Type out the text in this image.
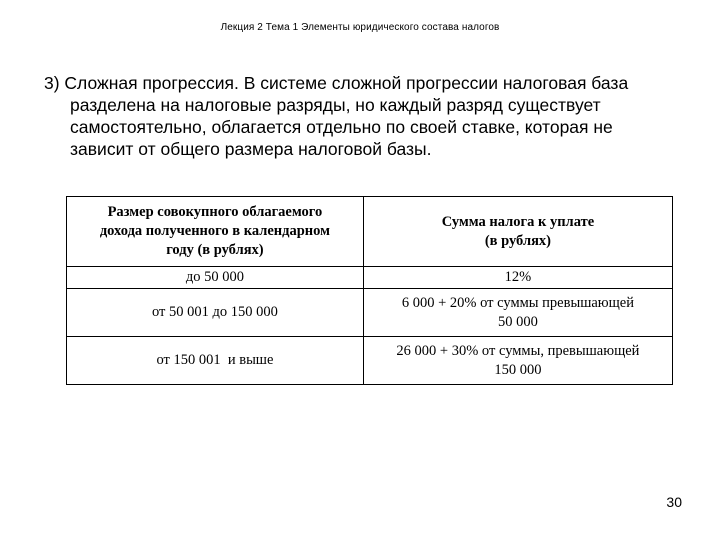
Лекция 2 Тема 1 Элементы юридического состава налогов
3) Сложная прогрессия. В системе сложной прогрессии налоговая база
разделена на налоговые разряды, но каждый разряд существует
самостоятельно, облагается отдельно по своей ставке, которая не
зависит от общего размера налоговой базы.
Размер совокупного облагаемого
дохода полученного в календарном
году (в рублях)	Сумма налога к уплате
(в рублях)
до 50 000	12%
от 50 001 до 150 000	6 000 + 20% от суммы превышающей
50 000
от 150 001  и выше	26 000 + 30% от суммы, превышающей
150 000
30
